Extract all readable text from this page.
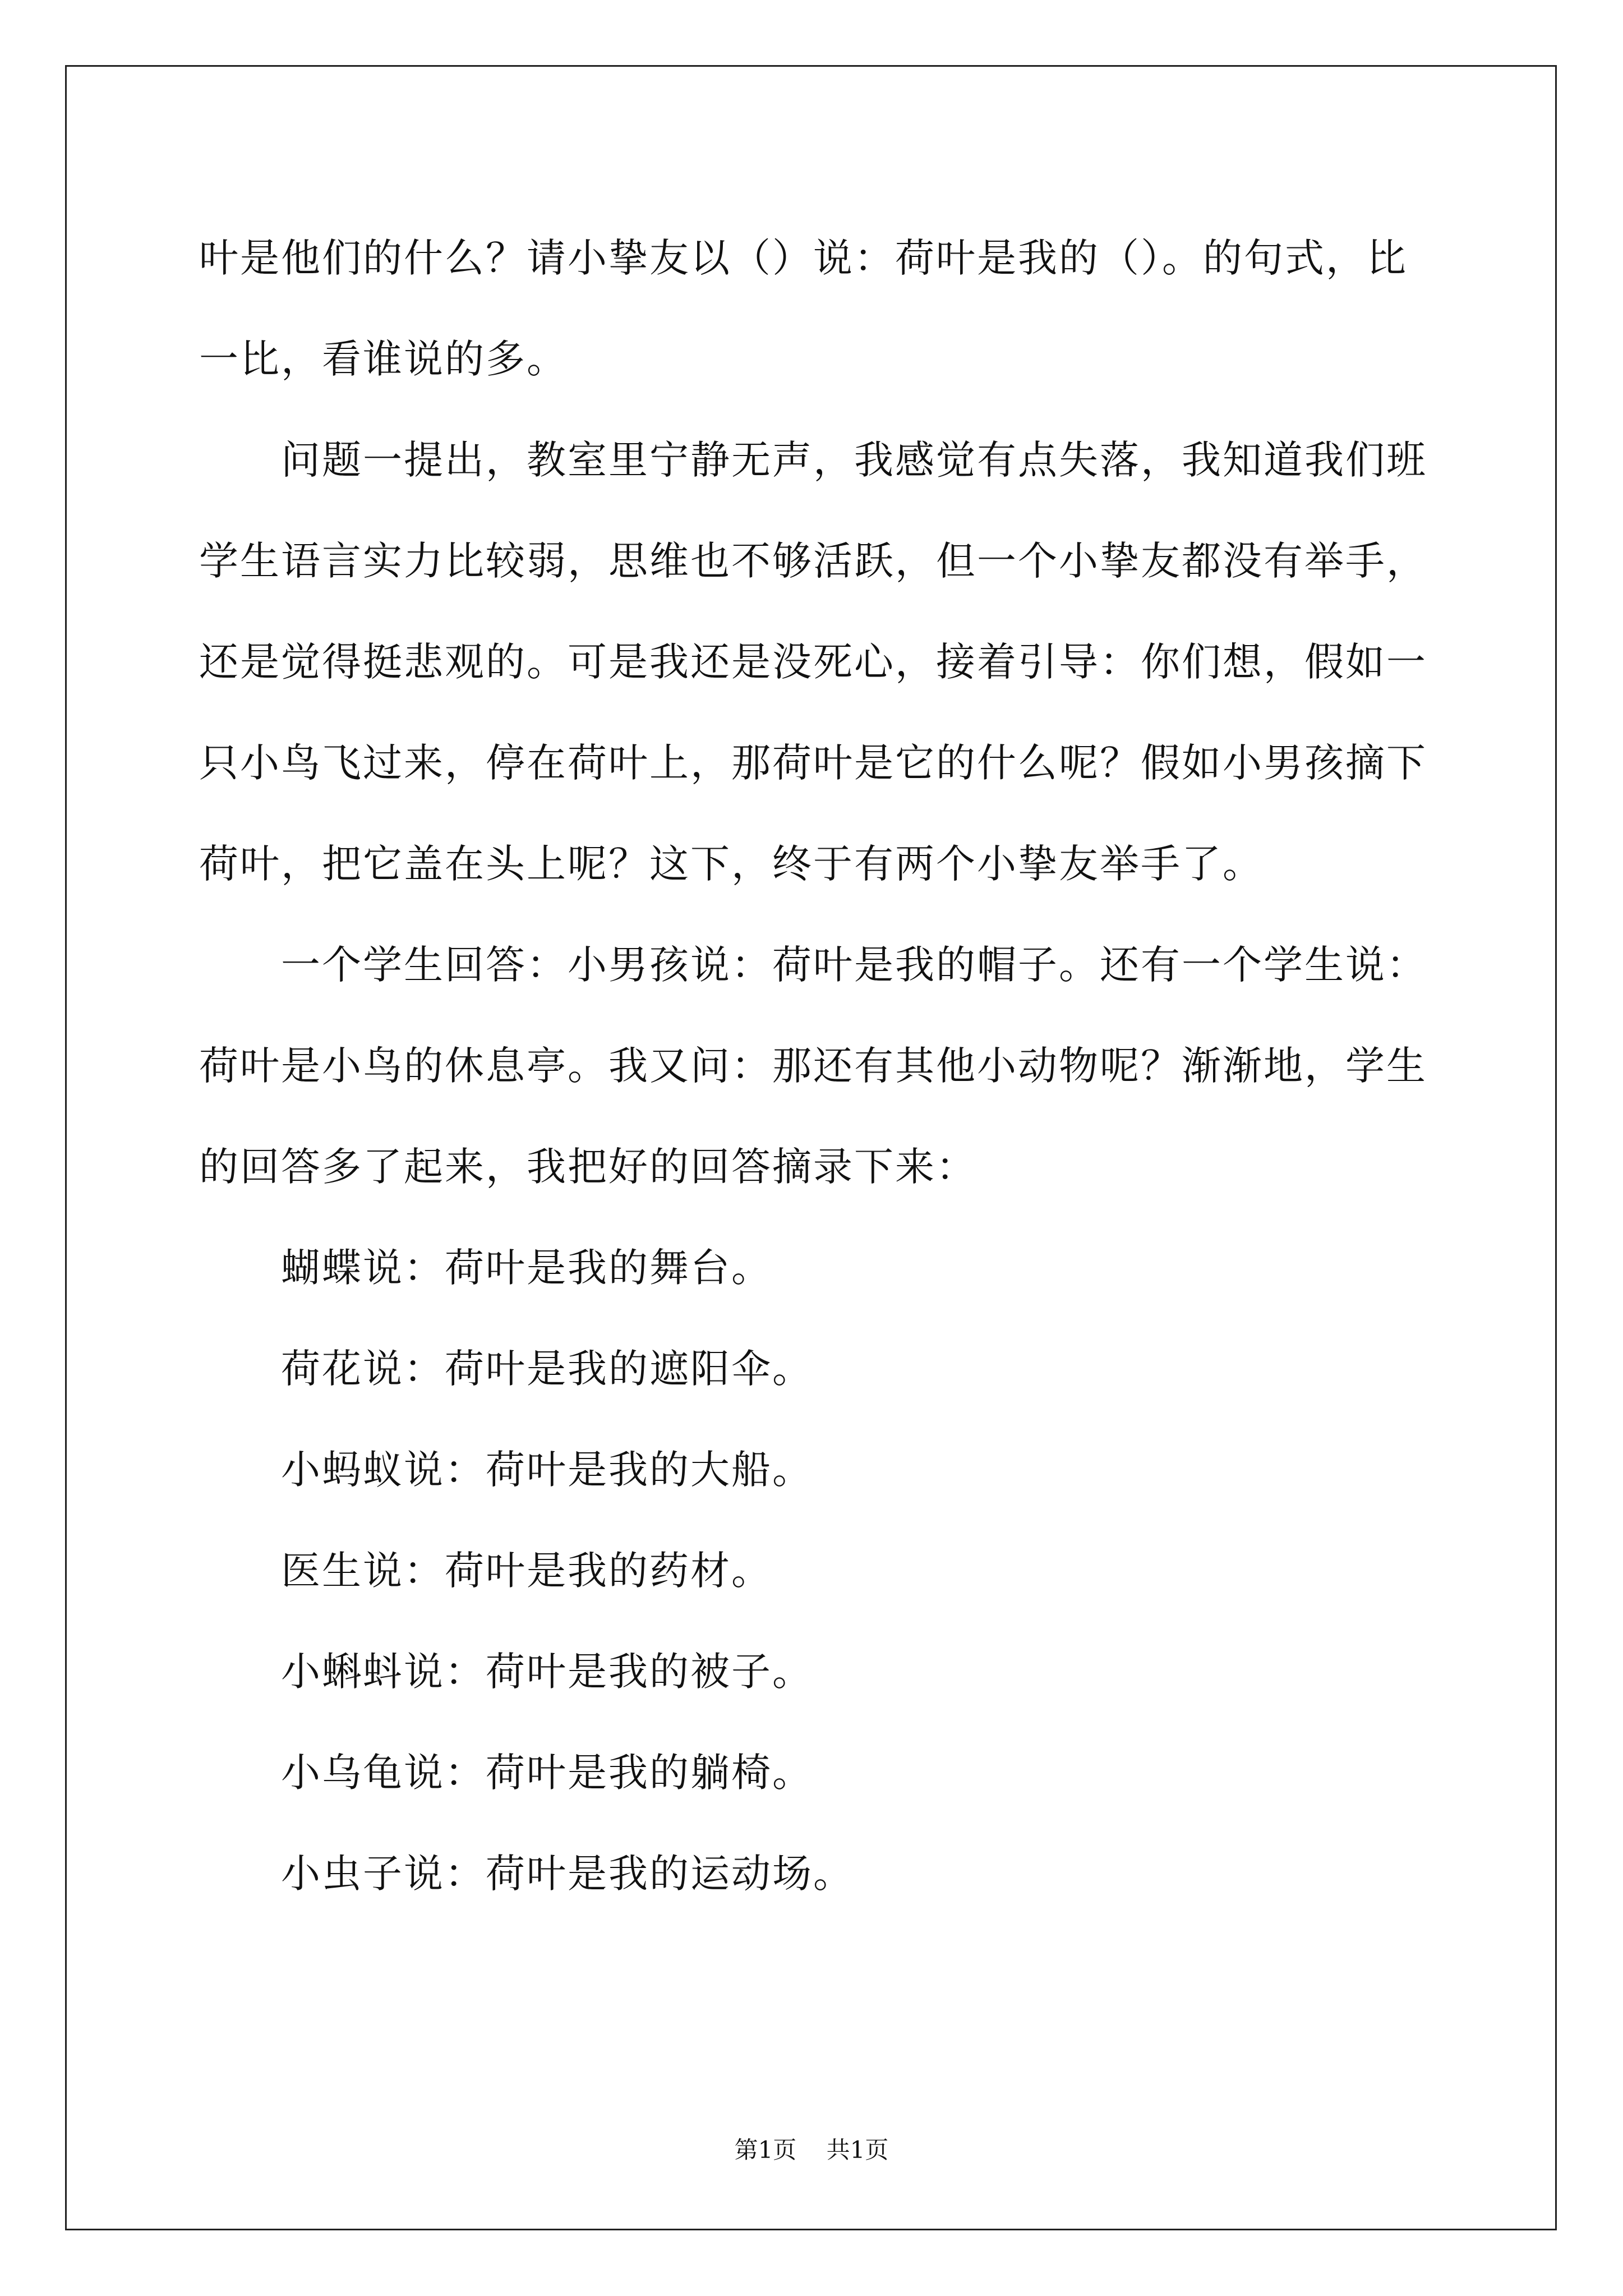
叶是他们的什么？请小挚友以（）说：荷叶是我的（）。的句式，比一比，看谁说的多。

问题一提出，教室里宁静无声，我感觉有点失落，我知道我们班学生语言实力比较弱，思维也不够活跃，但一个小挚友都没有举手，还是觉得挺悲观的。可是我还是没死心，接着引导：你们想，假如一只小鸟飞过来，停在荷叶上，那荷叶是它的什么呢？假如小男孩摘下荷叶，把它盖在头上呢？这下，终于有两个小挚友举手了。

一个学生回答：小男孩说：荷叶是我的帽子。还有一个学生说：荷叶是小鸟的休息亭。我又问：那还有其他小动物呢？渐渐地，学生的回答多了起来，我把好的回答摘录下来：

蝴蝶说：荷叶是我的舞台。

荷花说：荷叶是我的遮阳伞。

小蚂蚁说：荷叶是我的大船。

医生说：荷叶是我的药材。

小蝌蚪说：荷叶是我的被子。

小乌龟说：荷叶是我的躺椅。

小虫子说：荷叶是我的运动场。

第1页 共1页
